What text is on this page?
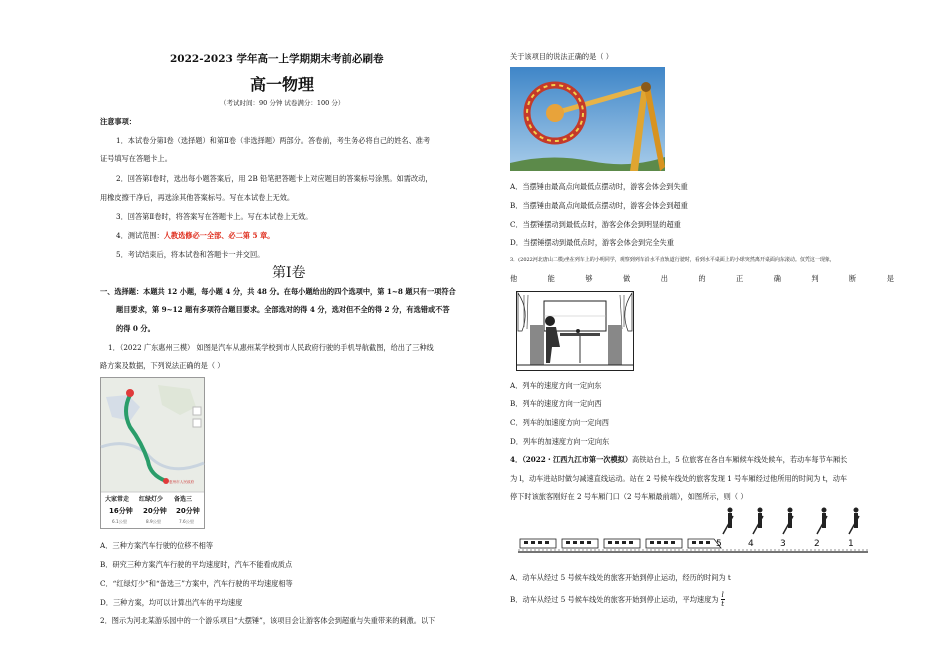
2022-2023 学年高一上学期期末考前必刷卷
高一物理
（考试时间：90 分钟 试卷满分：100 分）
注意事项：
1．本试卷分第Ⅰ卷（选择题）和第Ⅱ卷（非选择题）两部分。答卷前，考生务必将自己的姓名、准考
证号填写在答题卡上。
2．回答第Ⅰ卷时，选出每小题答案后，用 2B 铅笔把答题卡上对应题目的答案标号涂黑。如需改动，
用橡皮擦干净后，再选涂其他答案标号。写在本试卷上无效。
3．回答第Ⅱ卷时，将答案写在答题卡上。写在本试卷上无效。
4．测试范围：人教选修必一全部、必二第 5 章。
5．考试结束后，将本试卷和答题卡一并交回。
第Ⅰ卷
一、选择题：本题共 12 小题，每小题 4 分，共 48 分。在每小题给出的四个选项中，第 1~8 题只有一项符合
题目要求，第 9~12 题有多项符合题目要求。全部选对的得 4 分，选对但不全的得 2 分，有选错或不答
的得 0 分。
1．（2022 广东惠州三模） 如图是汽车从惠州某学校到市人民政府行驶的手机导航截图，给出了三种线
路方案及数据，下列说法正确的是（ ）
惠州市人民政府
大家常走 红绿灯少 备选三
16分钟 20分钟 20分钟
6.1公里	8.9公里	7.6公里
A．三种方案汽车行驶的位移不相等
B．研究三种方案汽车行驶的平均速度时，汽车不能看成质点
C．“红绿灯少”和“备选三”方案中，汽车行驶的平均速度相等
D．三种方案，均可以计算出汽车的平均速度
2．图示为河北某游乐园中的一个游乐项目“大摆锤”，该项目会让游客体会到超重与失重带来的刺激。以下
关于该项目的说法正确的是（ ）
A．当摆锤由最高点向最低点摆动时，游客会体会到失重
B．当摆锤由最高点向最低点摆动时，游客会体会到超重
C．当摆锤摆动到最低点时，游客会体会到明显的超重
D．当摆锤摆动到最低点时，游客会体会到完全失重
3．(2022河北唐山二模)坐在列车上的小明同学，观察到列车沿水平直轨道行驶时，看到水平桌面上的小球突然离开桌面向东滚动。仅凭这一现象，
他	能	够	做	出	的	正	确	判	断	是
A．列车的速度方向一定向东
B．列车的速度方向一定向西
C．列车的加速度方向一定向西
D．列车的加速度方向一定向东
4．（2022・江西九江市第一次模拟）高铁站台上，5 位旅客在各自车厢候车线处候车，若动车每节车厢长
为 l，动车进站时做匀减速直线运动。站在 2 号候车线处的旅客发现 1 号车厢经过他所用的时间为 t，动车
停下时该旅客刚好在 2 号车厢门口（2 号车厢最前端），如图所示，则（ ）
5	4	3	2	1
A．动车从经过 5 号候车线处的旅客开始到停止运动，经历的时间为 t
B．动车从经过 5 号候车线处的旅客开始到停止运动，平均速度为 l
t
